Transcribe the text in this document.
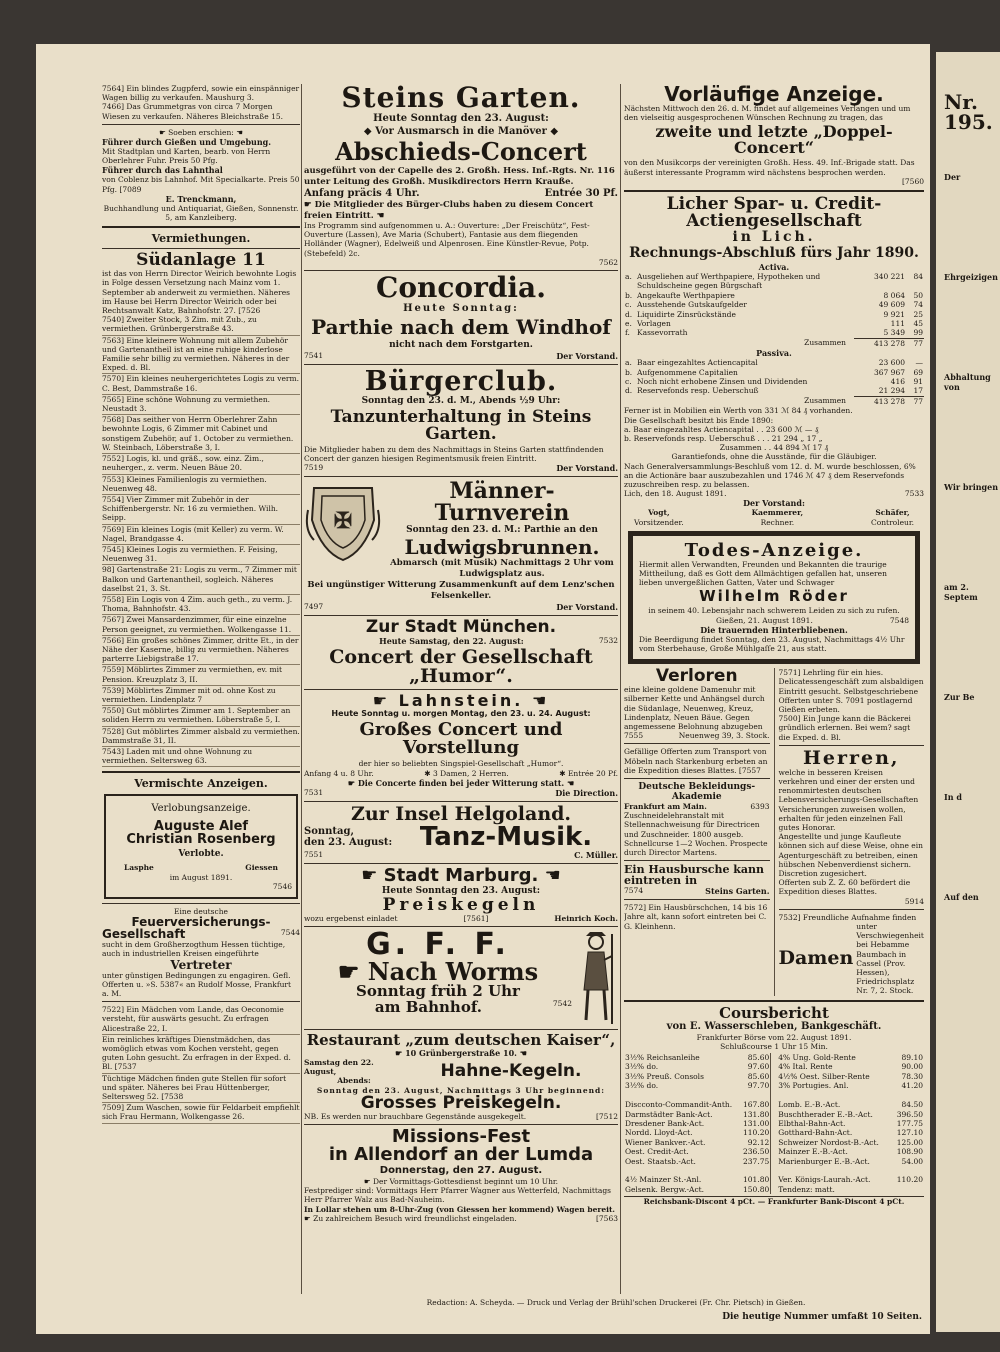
7564] Ein blindes Zugpferd, sowie ein einspänniger Wagen billig zu verkaufen. Maushurg 3.

7466] Das Grummetgras von circa 7 Morgen Wiesen zu verkaufen. Näheres Bleichstraße 15.

☛ Soeben erschien: ☚

Führer durch Gießen und Umgebung.

Mit Stadtplan und Karten, bearb. von Herrn Oberlehrer Fuhr. Preis 50 Pfg.

Führer durch das Lahnthal

von Coblenz bis Lahnhof. Mit Specialkarte. Preis 50 Pfg. [7089

E. Trenckmann,

Buchhandlung und Antiquariat, Gießen, Sonnenstr. 5, am Kanzleiberg.

Vermiethungen.

Südanlage 11

ist das von Herrn Director Weirich bewohnte Logis in Folge dessen Versetzung nach Mainz vom 1. September ab anderweit zu vermiethen. Näheres im Hause bei Herrn Director Weirich oder bei Rechtsanwalt Katz, Bahnhofstr. 27. [7526

7540] Zweiter Stock, 3 Zim. mit Zub., zu vermiethen. Grünbergerstraße 43.

7563] Eine kleinere Wohnung mit allem Zubehör und Gartenantheil ist an eine ruhige kinderlose Familie sehr billig zu vermiethen. Näheres in der Exped. d. Bl.

7570] Ein kleines neuhergerichtetes Logis zu verm. C. Best, Dammstraße 16.

7565] Eine schöne Wohnung zu vermiethen. Neustadt 3.

7568] Das seither von Herrn Oberlehrer Zahn bewohnte Logis, 6 Zimmer mit Cabinet und sonstigem Zubehör, auf 1. October zu vermiethen. W. Steinbach, Löberstraße 3, I.

7552] Logis, kl. und gräß., sow. einz. Zim., neuherger., z. verm. Neuen Bäue 20.

7553] Kleines Familienlogis zu vermiethen. Neuenweg 48.

7554] Vier Zimmer mit Zubehör in der Schiffenbergerstr. Nr. 16 zu vermiethen. Wilh. Seipp.

7569] Ein kleines Logis (mit Keller) zu verm. W. Nagel, Brandgasse 4.

7545] Kleines Logis zu vermiethen. F. Feising, Neuenweg 31.

98] Gartenstraße 21: Logis zu verm., 7 Zimmer mit Balkon und Gartenantheil, sogleich. Näheres daselbst 21, 3. St.

7558] Ein Logis von 4 Zim. auch geth., zu verm. J. Thoma, Bahnhofstr. 43.

7567] Zwei Mansardenzimmer, für eine einzelne Person geeignet, zu vermiethen. Wolkengasse 11.

7566] Ein großes schönes Zimmer, dritte Et., in der Nähe der Kaserne, billig zu vermiethen. Näheres parterre Liebigstraße 17.

7559] Möblirtes Zimmer zu vermiethen, ev. mit Pension. Kreuzplatz 3, II.

7539] Möblirtes Zimmer mit od. ohne Kost zu vermiethen. Lindenplatz 7

7550] Gut möblirtes Zimmer am 1. September an soliden Herrn zu vermiethen. Löberstraße 5, I.

7528] Gut möblirtes Zimmer alsbald zu vermiethen. Dammstraße 31, II.

7543] Laden mit und ohne Wohnung zu vermiethen. Seltersweg 63.

Vermischte Anzeigen.

Verlobungsanzeige.

Auguste Alef

Christian Rosenberg

Verlobte.

Lasphe	Giessen

im August 1891.

7546

Eine deutsche

Feuerversicherungs-

Gesellschaft	7544

sucht in dem Großherzogthum Hessen tüchtige, auch in industriellen Kreisen eingeführte

Vertreter

unter günstigen Bedingungen zu engagiren. Gefl. Offerten u. »S. 5387« an Rudolf Mosse, Frankfurt a. M.

7522] Ein Mädchen vom Lande, das Oeconomie versteht, für auswärts gesucht. Zu erfragen Alicestraße 22, I.

Ein reinliches kräftiges Dienstmädchen, das womöglich etwas vom Kochen versteht, gegen guten Lohn gesucht. Zu erfragen in der Exped. d. Bl. [7537

Tüchtige Mädchen finden gute Stellen für sofort und später. Näheres bei Frau Hüttenberger, Seltersweg 52. [7538

7509] Zum Waschen, sowie für Feldarbeit empfiehlt sich Frau Hermann, Wolkengasse 26.

Steins Garten.

Heute Sonntag den 23. August:

◆ Vor Ausmarsch in die Manöver ◆

Abschieds-Concert

ausgeführt von der Capelle des 2. Großh. Hess. Inf.-Rgts. Nr. 116 unter Leitung des Großh. Musikdirectors Herrn Krauße.

Anfang präcis 4 Uhr.	Entrée 30 Pf.

☛ Die Mitglieder des Bürger-Clubs haben zu diesem Concert freien Eintritt. ☚

Ins Programm sind aufgenommen u. A.: Ouverture: „Der Freischütz“, Fest-Ouverture (Lassen), Ave Maria (Schubert), Fantasie aus dem fliegenden Holländer (Wagner), Edelweiß und Alpenrosen. Eine Künstler-Revue, Potp. (Stebefeld) 2c.

7562

Concordia.

Heute Sonntag:

Parthie nach dem Windhof

nicht nach dem Forstgarten.

7541	Der Vorstand.

Bürgerclub.

Sonntag den 23. d. M., Abends ½9 Uhr:

Tanzunterhaltung in Steins Garten.

Die Mitglieder haben zu dem des Nachmittags in Steins Garten stattfindenden Concert der ganzen hiesigen Regimentsmusik freien Eintritt.

7519	Der Vorstand.
✠

Männer-Turnverein

Sonntag den 23. d. M.: Parthie an den

Ludwigsbrunnen.

Abmarsch (mit Musik) Nachmittags 2 Uhr vom Ludwigsplatz aus.

Bei ungünstiger Witterung Zusammenkunft auf dem Lenz'schen Felsenkeller.

7497	Der Vorstand.

Zur Stadt München.

Heute Samstag, den 22. August:	7532

Concert der Gesellschaft „Humor“.

☛ Lahnstein. ☚

Heute Sonntag u. morgen Montag, den 23. u. 24. August:

Großes Concert und Vorstellung

der hier so beliebten Singspiel-Gesellschaft „Humor“.

Anfang 4 u. 8 Uhr.	✱ 3 Damen, 2 Herren.	✱ Entrée 20 Pf.

☛ Die Concerte finden bei jeder Witterung statt. ☚

7531	Die Direction.

Zur Insel Helgoland.

Sonntag,

den 23. August:	Tanz-Musik.

7551	C. Müller.

☛ Stadt Marburg. ☚

Heute Sonntag den 23. August:

Preiskegeln

wozu ergebenst einladet	[7561]	Heinrich Koch.

G. F. F.

☛ Nach Worms

Sonntag früh 2 Uhr

am Bahnhof.	7542

Restaurant „zum deutschen Kaiser“,

☛ 10 Grünbergerstraße 10. ☚

Samstag den 22. August,

Abends:	Hahne-Kegeln.

Sonntag den 23. August, Nachmittags 3 Uhr beginnend:

Grosses Preiskegeln.

NB. Es werden nur brauchbare Gegenstände ausgekegelt.	[7512

Missions-Fest

in Allendorf an der Lumda

Donnerstag, den 27. August.

☛ Der Vormittags-Gottesdienst beginnt um 10 Uhr.

Festprediger sind: Vormittags Herr Pfarrer Wagner aus Wetterfeld, Nachmittags Herr Pfarrer Walz aus Bad-Nauheim.

In Lollar stehen um 8-Uhr-Zug (von Giessen her kommend) Wagen bereit.

☛ Zu zahlreichem Besuch wird freundlichst eingeladen.	[7563

Vorläufige Anzeige.

Nächsten Mittwoch den 26. d. M. findet auf allgemeines Verlangen und um den vielseitig ausgesprochenen Wünschen Rechnung zu tragen, das

zweite und letzte „Doppel-Concert“

von den Musikcorps der vereinigten Großh. Hess. 49. Inf.-Brigade statt. Das äußerst interessante Programm wird nächstens besprochen werden.

[7560

Licher Spar- u. Credit-Actiengesellschaft

in Lich.

Rechnungs-Abschluß fürs Jahr 1890.

Activa.

a.	Ausgeliehen auf Werthpapiere, Hypotheken und Schuldscheine gegen Bürgschaft	340 221	84
b.	Angekaufte Werthpapiere	8 064	50
c.	Ausstehende Gutskaufgelder	49 609	74
d.	Liquidirte Zinsrückstände	9 921	25
e.	Vorlagen	111	45
f.	Kassevorrath	5 349	99
Zusammen	413 278	77

Passiva.

a.	Baar eingezahltes Actiencapital	23 600	—
b.	Aufgenommene Capitalien	367 967	69
c.	Noch nicht erhobene Zinsen und Dividenden	416	91
d.	Reservefonds resp. Ueberschuß	21 294	17
Zusammen	413 278	77

Ferner ist in Mobilien ein Werth von 331 ℳ 84 ₰ vorhanden.

Die Gesellschaft besitzt bis Ende 1890:

a. Baar eingezahltes Actiencapital . . 23 600 ℳ — ₰

b. Reservefonds resp. Ueberschuß . . . 21 294 „ 17 „

Zusammen . . 44 894 ℳ 17 ₰

Garantiefonds, ohne die Ausstände, für die Gläubiger.

Nach Generalversammlungs-Beschluß vom 12. d. M. wurde beschlossen, 6% an die Actionäre baar auszubezahlen und 1746 ℳ 47 ₰ dem Reservefonds zuzuschreiben resp. zu belassen.

Lich, den 18. August 1891.	7533

Der Vorstand:

Vogt,
Vorsitzender.
Kaemmerer,
Rechner.
Schäfer,
Controleur.

Todes-Anzeige.

Hiermit allen Verwandten, Freunden und Bekannten die traurige Mittheilung, daß es Gott dem Allmächtigen gefallen hat, unseren lieben unvergeßlichen Gatten, Vater und Schwager

Wilhelm Röder

in seinem 40. Lebensjahr nach schwerem Leiden zu sich zu rufen.

Gießen, 21. August 1891.	7548

Die trauernden Hinterbliebenen.

Die Beerdigung findet Sonntag, den 23. August, Nachmittags 4½ Uhr vom Sterbehause, Große Mühlgaſſe 21, aus statt.

Verloren

eine kleine goldene Damenuhr mit silberner Kette und Anhängsel durch die Südanlage, Neuenweg, Kreuz, Lindenplatz, Neuen Bäue. Gegen angemessene Belohnung abzugeben

7555	Neuenweg 39, 3. Stock.

Gefällige Offerten zum Transport von Möbeln nach Starkenburg erbeten an die Expedition dieses Blattes. [7557

Deutsche Bekleidungs-Akademie

Frankfurt am Main.	6393

Zuschneidelehranstalt mit Stellennachweisung für Directricen und Zuschneider. 1800 ausgeb. Schnellcurse 1—2 Wochen. Prospecte durch Director Martens.

Ein Hausbursche kann eintreten in

7574	Steins Garten.

7572] Ein Hausbürschchen, 14 bis 16 Jahre alt, kann sofort eintreten bei C. G. Kleinhenn.

7571] Lehrling für ein hies. Delicatessengeschäft zum alsbaldigen Eintritt gesucht. Selbstgeschriebene Offerten unter S. 7091 postlagernd Gießen erbeten.

7500] Ein Junge kann die Bäckerei gründlich erlernen. Bei wem? sagt die Exped. d. Bl.

Herren,

welche in besseren Kreisen verkehren und einer der ersten und renommirtesten deutschen Lebensversicherungs-Gesellschaften Versicherungen zuweisen wollen, erhalten für jeden einzelnen Fall gutes Honorar.

Angestellte und junge Kaufleute können sich auf diese Weise, ohne ein Agenturgeschäft zu betreiben, einen hübschen Nebenverdienst sichern. Discretion zugesichert.

Offerten sub Z. Z. 60 befördert die Expedition dieses Blattes.

5914

7532] Freundliche Aufnahme finden

Damen
unter Verschwiegenheit bei Hebamme Baumbach in Cassel (Prov. Hessen), Friedrichsplatz Nr. 7, 2. Stock.

Coursbericht

von E. Wasserschleben, Bankgeschäft.

Frankfurter Börse vom 22. August 1891.

Schlußcourse 1 Uhr 15 Min.

3½% Reichsanleihe	85.60
3½% do.	97.60
3½% Preuß. Consols	85.60
3½% do.	97.70

Discconto-Commandit-Anth.	167.80
Darmstädter Bank-Act.	131.80
Dresdener Bank-Act.	131.00
Nordd. Lloyd-Act.	110.20
Wiener Bankver.-Act.	92.12
Oest. Credit-Act.	236.50
Oest. Staatsb.-Act.	237.75

4½ Mainzer St.-Anl.	101.80
Gelsenk. Bergw.-Act.	150.80
4% Ung. Gold-Rente	89.10
4% Ital. Rente	90.00
4½% Oest. Silber-Rente	78.30
3% Portugies. Anl.	41.20

Lomb. E.-B.-Act.	84.50
Buschtherader E.-B.-Act.	396.50
Elbthal-Bahn-Act.	177.75
Gotthard-Bahn-Act.	127.10
Schweizer Nordost-B.-Act.	125.00
Mainzer E.-B.-Act.	108.90
Marienburger E.-B.-Act.	54.00

Ver. Königs-Laurah.-Act.	110.20
Tendenz: matt.	

Reichsbank-Discont 4 pCt. — Frankfurter Bank-Discont 4 pCt.

Redaction: A. Scheyda. — Druck und Verlag der Brühl'schen Druckerei (Fr. Chr. Pietsch) in Gießen.

Die heutige Nummer umfaßt 10 Seiten.

Nr. 195.

Der

Ehrgeizigen

Abhaltung von

Wir bringen

am 2. Septem

Zur Be

In d

Auf den
